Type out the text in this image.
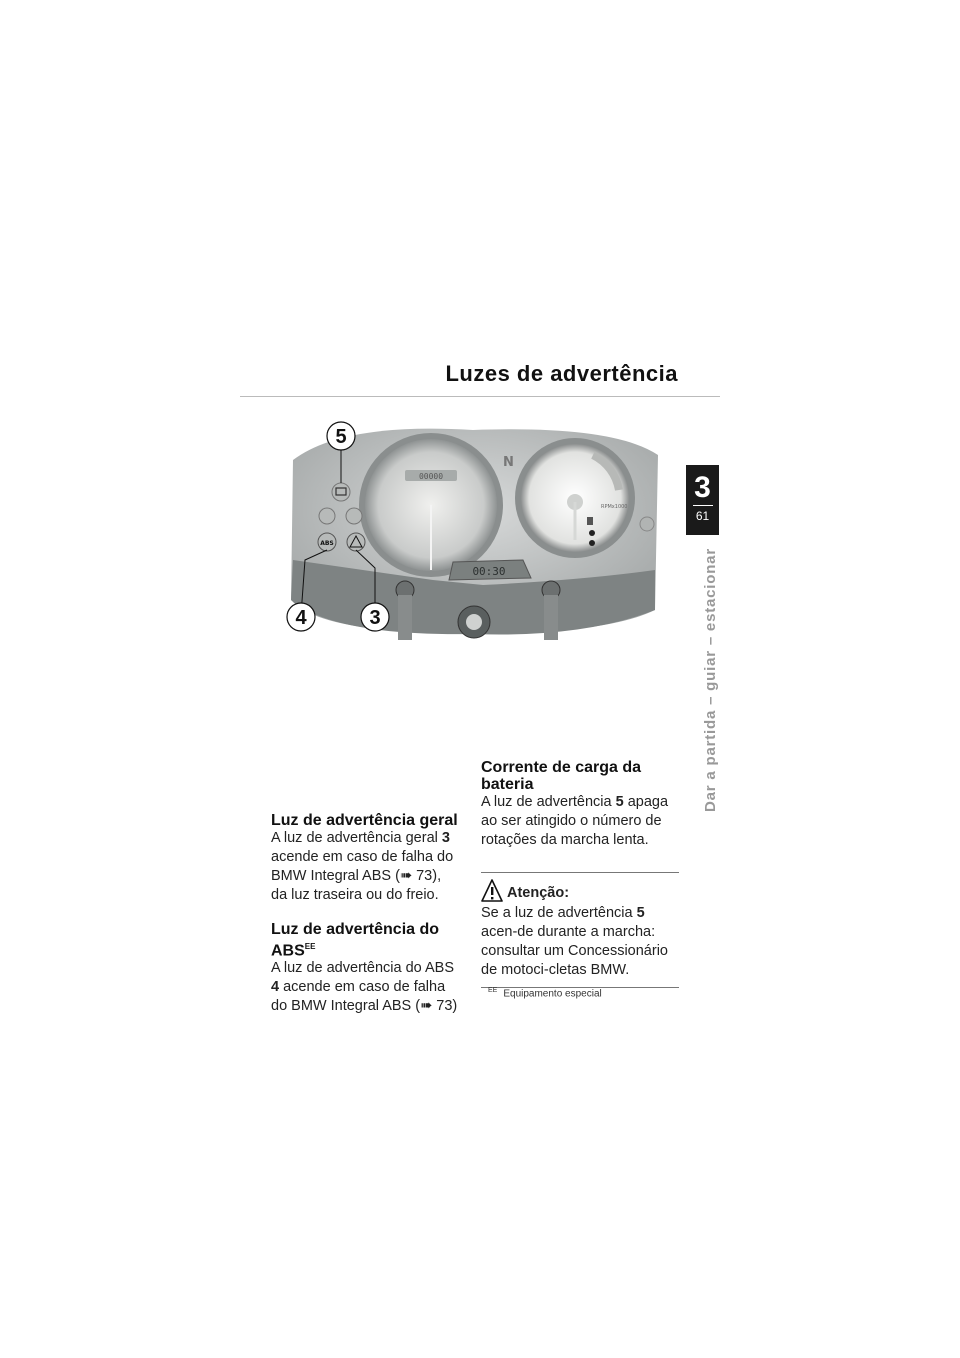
Luzes de advertência
3
61
Dar a partida – guiar – estacionar
00000
RPMx1000
N
ABS
00:30
5
4	3
Luz de advertência geral

A luz de advertência geral 3 acende em caso de falha do BMW Integral ABS (➠ 73), da luz traseira ou do freio.

Luz de advertência do $ABS^{EE}$

A luz de advertência do ABS 4 acende em caso de falha do BMW Integral ABS (➠ 73)

Corrente de carga da bateria

A luz de advertência 5 apaga ao ser atingido o número de rotações da marcha lenta.

Atenção:

Se a luz de advertência 5 acen-de durante a marcha: consultar um Concessionário de motoci-cletas BMW.

$^{EE}$ Equipamento especial
